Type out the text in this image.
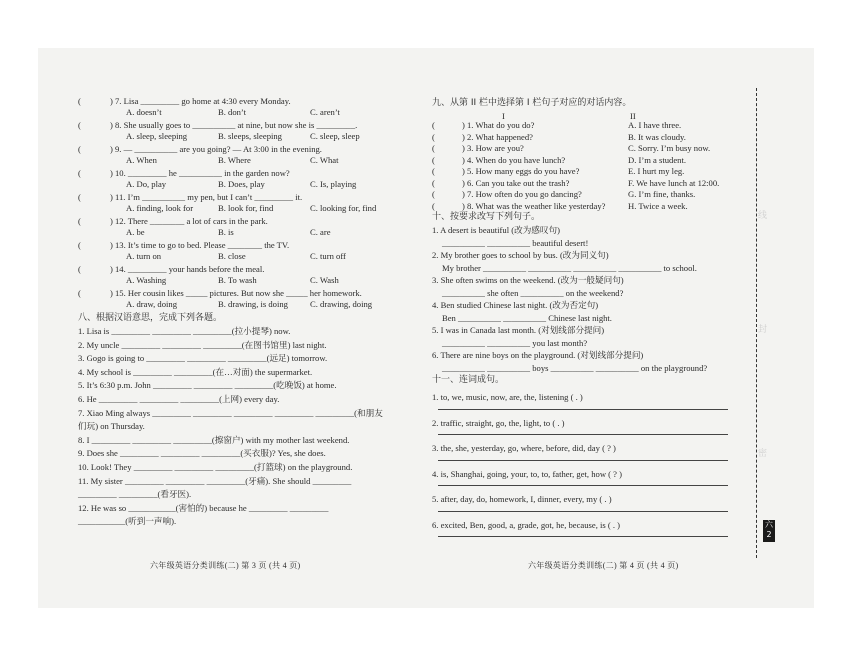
(	) 7. Lisa _________ go home at 4:30 every Monday.
A. doesn’t	B. don’t	C. aren’t
(	) 8. She usually goes to __________ at nine, but now she is _________.
A. sleep, sleeping	B. sleeps, sleeping	C. sleep, sleep
(	) 9. — __________ are you going? — At 3:00 in the evening.
A. When	B. Where	C. What
(	) 10. _________ he __________ in the garden now?
A. Do, play	B. Does, play	C. Is, playing
(	) 11. I’m __________ my pen, but I can’t _________ it.
A. finding, look for	B. look for, find	C. looking for, find
(	) 12. There ________ a lot of cars in the park.
A. be	B. is	C. are
(	) 13. It’s time to go to bed. Please ________ the TV.
A. turn on	B. close	C. turn off
(	) 14. _________ your hands before the meal.
A. Washing	B. To wash	C. Wash
(	) 15. Her cousin likes _____ pictures. But now she _____ her homework.
A. draw, doing	B. drawing, is doing	C. drawing, doing
八、根据汉语意思，完成下列各题。
1. Lisa is _________ _________ _________(拉小提琴) now.
2. My uncle _________ _________ _________(在图书馆里) last night.
3. Gogo is going to _________ _________ _________(远足) tomorrow.
4. My school is _________ _________(在…对面) the supermarket.
5. It’s 6:30 p.m. John _________ _________ _________(吃晚饭) at home.
6. He _________ _________ _________(上网) every day.
7. Xiao Ming always _________ _________ _________ _________ _________(和朋友
们玩) on Thursday.
8. I _________ _________ _________(擦窗户) with my mother last weekend.
9. Does she _________ _________ _________(买衣服)? Yes, she does.
10. Look! They _________ _________ _________(打篮球) on the playground.
11. My sister _________ _________ _________(牙痛). She should _________
_________ _________(看牙医).
12. He was so ___________(害怕的) because he _________ _________
___________(听到一声响).
六年级英语分类训练(二) 第 3 页 (共 4 页)
九、从第 II 栏中选择第 I 栏句子对应的对话内容。
I	II
(	) 1. What do you do?	A. I have three.
(	) 2. What happened?	B. It was cloudy.
(	) 3. How are you?	C. Sorry. I’m busy now.
(	) 4. When do you have lunch?	D. I’m a student.
(	) 5. How many eggs do you have?	E. I hurt my leg.
(	) 6. Can you take out the trash?	F. We have lunch at 12:00.
(	) 7. How often do you go dancing?	G. I’m fine, thanks.
(	) 8. What was the weather like yesterday?	H. Twice a week.
十、按要求改写下列句子。
1. A desert is beautiful (改为感叹句)
__________ __________ beautiful desert!
2. My brother goes to school by bus. (改为同义句)
My brother __________ __________ __________ __________ to school.
3. She often swims on the weekend. (改为一般疑问句)
__________ she often __________ on the weekend?
4. Ben studied Chinese last night. (改为否定句)
Ben __________ __________ Chinese last night.
5. I was in Canada last month. (对划线部分提问)
__________ __________ you last month?
6. There are nine boys on the playground. (对划线部分提问)
__________ __________ boys __________ __________ on the playground?
十一、连词成句。
1. to, we, music, now, are, the, listening ( . )
2. traffic, straight, go, the, light, to ( . )
3. the, she, yesterday, go, where, before, did, day ( ? )
4. is, Shanghai, going, your, to, to, father, get, how ( ? )
5. after, day, do, homework, I, dinner, every, my ( . )
6. excited, Ben, good, a, grade, got, he, because, is ( . )
六年级英语分类训练(二) 第 4 页 (共 4 页)
线
封
密
六 2
